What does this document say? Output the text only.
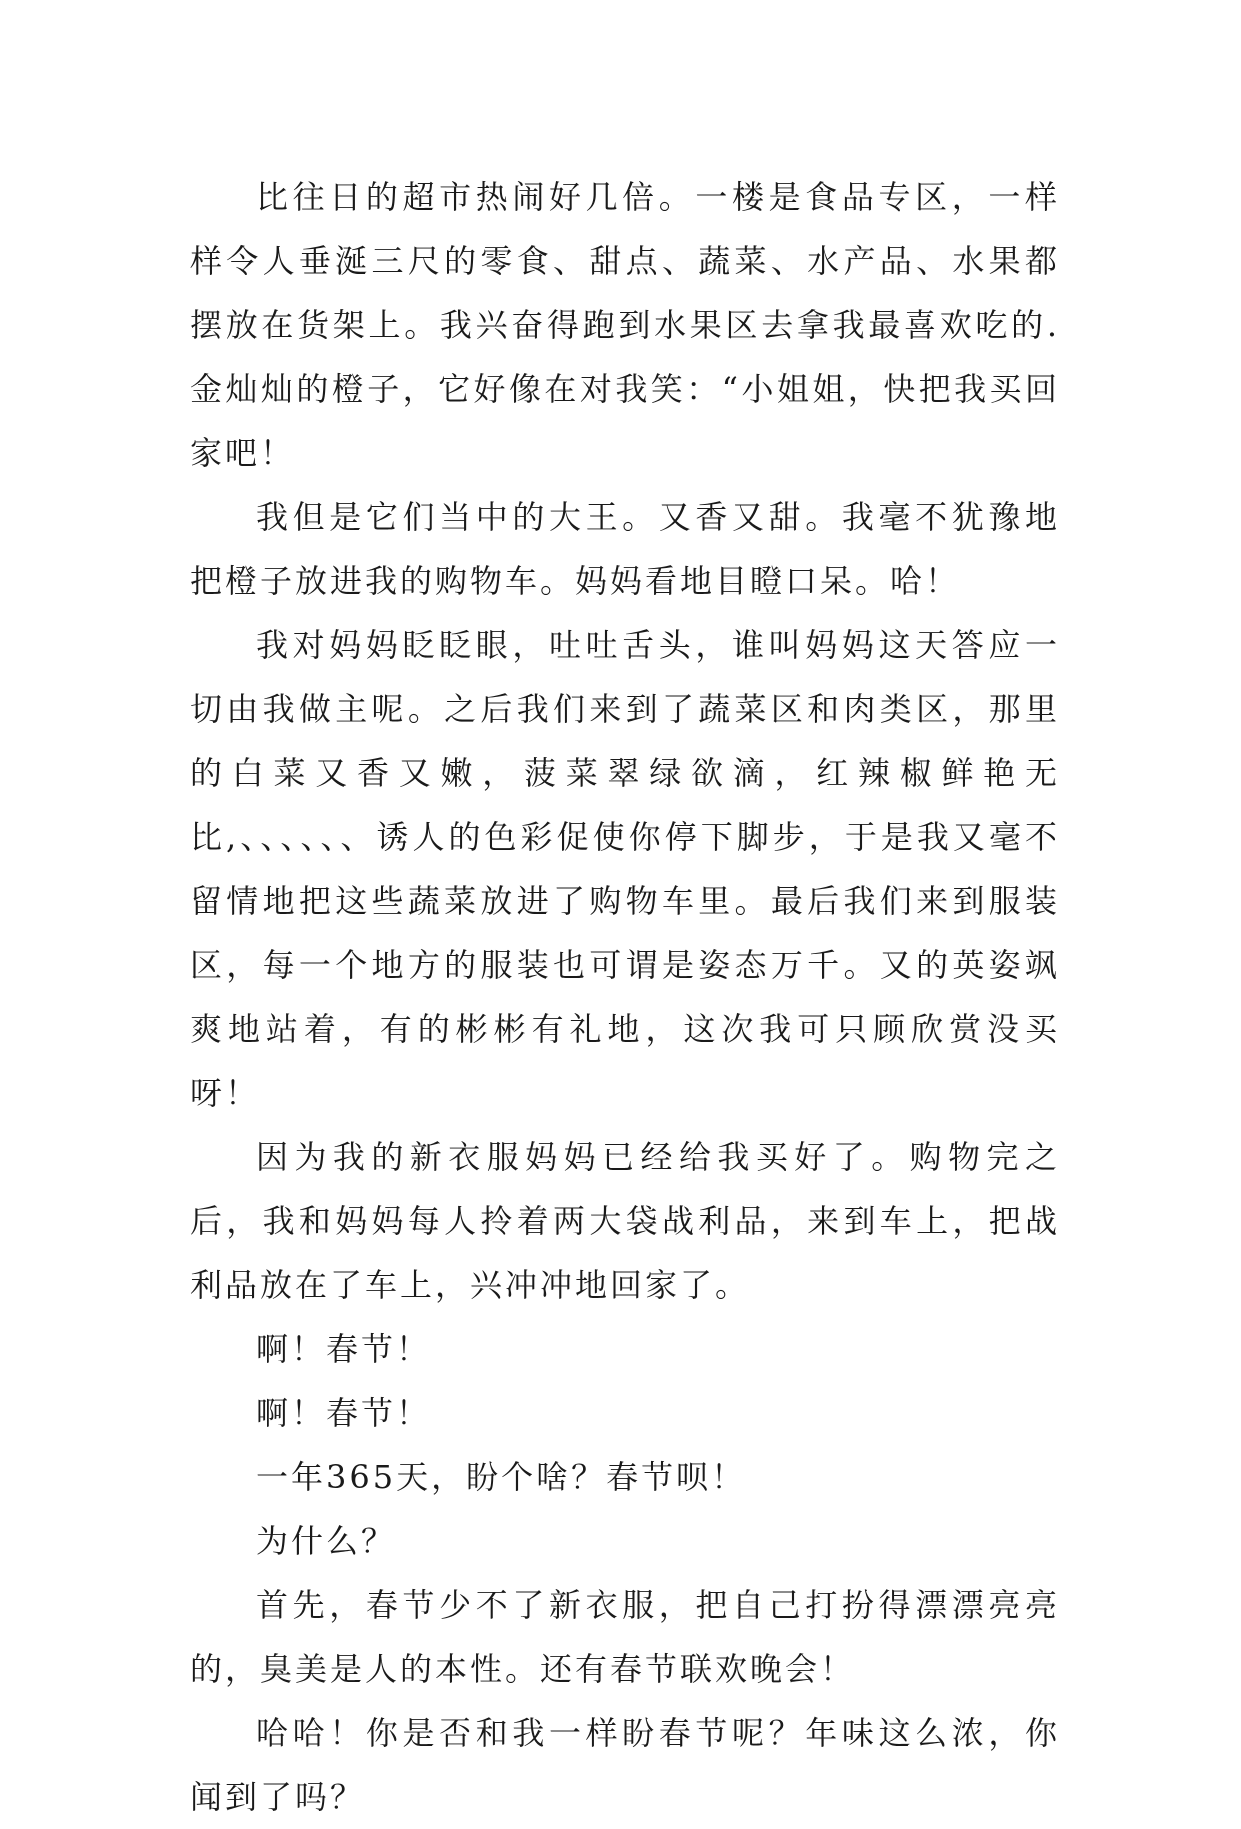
比往日的超市热闹好几倍。一楼是食品专区，一样样令人垂涎三尺的零食、甜点、蔬菜、水产品、水果都摆放在货架上。我兴奋得跑到水果区去拿我最喜欢吃的.金灿灿的橙子，它好像在对我笑：“小姐姐，快把我买回家吧！

我但是它们当中的大王。又香又甜。我毫不犹豫地把橙子放进我的购物车。妈妈看地目瞪口呆。哈！

我对妈妈眨眨眼，吐吐舌头，谁叫妈妈这天答应一切由我做主呢。之后我们来到了蔬菜区和肉类区，那里的白菜又香又嫩，菠菜翠绿欲滴，红辣椒鲜艳无比,、、、、、、诱人的色彩促使你停下脚步，于是我又毫不留情地把这些蔬菜放进了购物车里。最后我们来到服装区，每一个地方的服装也可谓是姿态万千。又的英姿飒爽地站着，有的彬彬有礼地，这次我可只顾欣赏没买呀！

因为我的新衣服妈妈已经给我买好了。购物完之后，我和妈妈每人拎着两大袋战利品，来到车上，把战利品放在了车上，兴冲冲地回家了。

啊！春节！

啊！春节！

一年365天，盼个啥？春节呗！

为什么？

首先，春节少不了新衣服，把自己打扮得漂漂亮亮的，臭美是人的本性。还有春节联欢晚会！

哈哈！你是否和我一样盼春节呢？年味这么浓，你闻到了吗？
